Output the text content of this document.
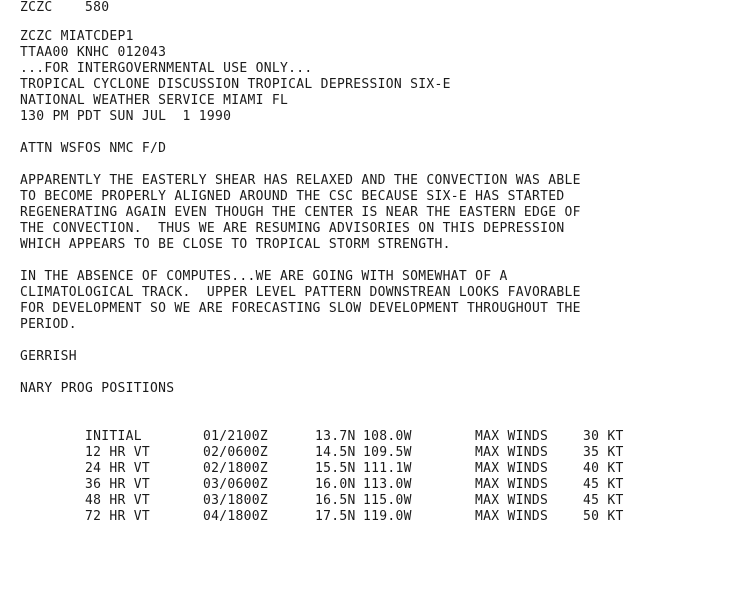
ZCZC    580
ZCZC MIATCDEP1
TTAA00 KNHC 012043
...FOR INTERGOVERNMENTAL USE ONLY...
TROPICAL CYCLONE DISCUSSION TROPICAL DEPRESSION SIX-E
NATIONAL WEATHER SERVICE MIAMI FL
130 PM PDT SUN JUL  1 1990
ATTN WSFOS NMC F/D
APPARENTLY THE EASTERLY SHEAR HAS RELAXED AND THE CONVECTION WAS ABLE
TO BECOME PROPERLY ALIGNED AROUND THE CSC BECAUSE SIX-E HAS STARTED
REGENERATING AGAIN EVEN THOUGH THE CENTER IS NEAR THE EASTERN EDGE OF
THE CONVECTION.  THUS WE ARE RESUMING ADVISORIES ON THIS DEPRESSION
WHICH APPEARS TO BE CLOSE TO TROPICAL STORM STRENGTH.
IN THE ABSENCE OF COMPUTES...WE ARE GOING WITH SOMEWHAT OF A
CLIMATOLOGICAL TRACK.  UPPER LEVEL PATTERN DOWNSTREAN LOOKS FAVORABLE
FOR DEVELOPMENT SO WE ARE FORECASTING SLOW DEVELOPMENT THROUGHOUT THE
PERIOD.
GERRISH
NARY PROG POSITIONS

INITIAL	01/2100Z	13.7N 108.0W	MAX WINDS	30 KT

12 HR VT	02/0600Z	14.5N 109.5W	MAX WINDS	35 KT

24 HR VT	02/1800Z	15.5N 111.1W	MAX WINDS	40 KT

36 HR VT	03/0600Z	16.0N 113.0W	MAX WINDS	45 KT

48 HR VT	03/1800Z	16.5N 115.0W	MAX WINDS	45 KT

72 HR VT	04/1800Z	17.5N 119.0W	MAX WINDS	50 KT
